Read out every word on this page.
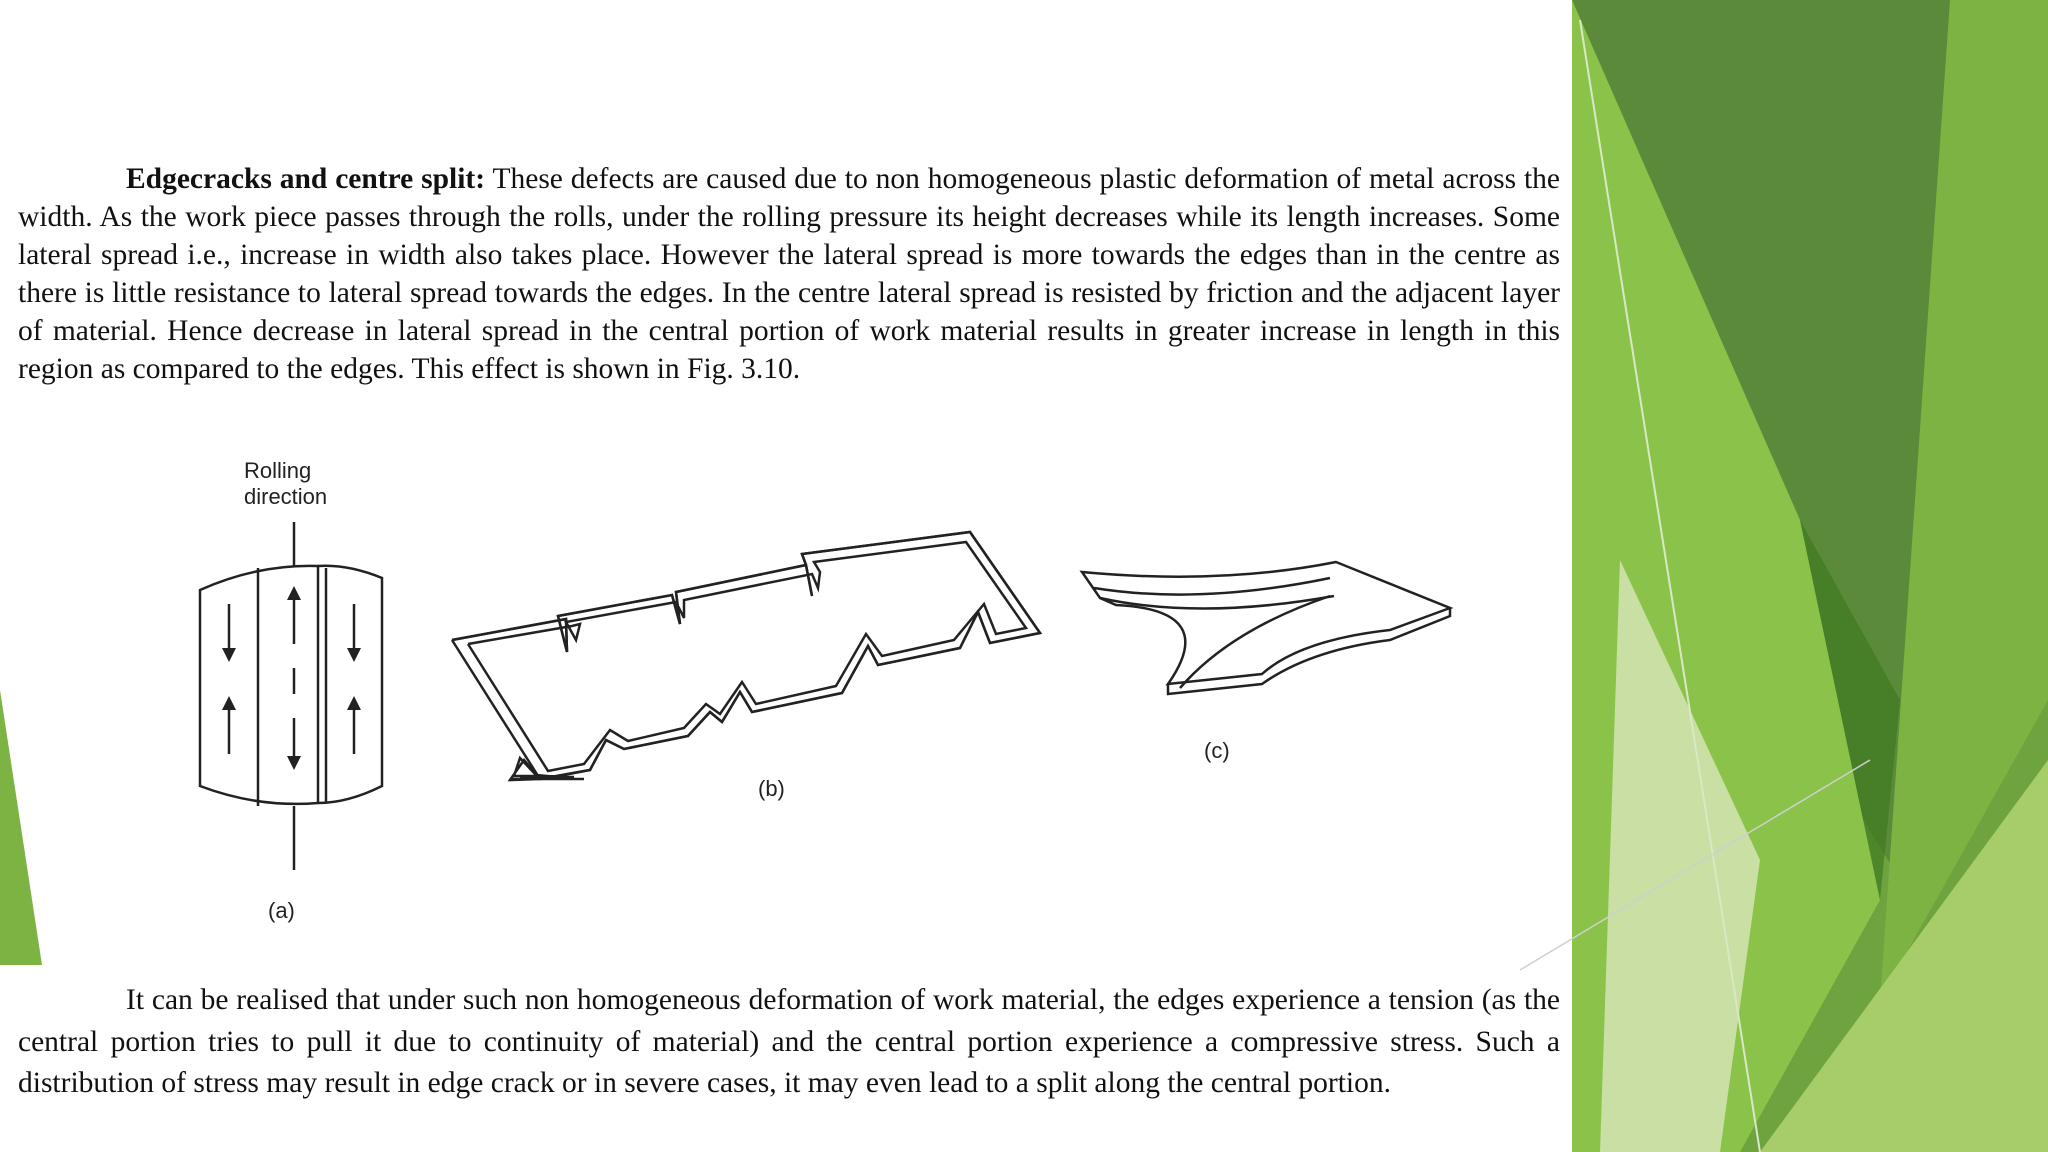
Edgecracks and centre split: These defects are caused due to non homogeneous plastic deformation of metal across the width. As the work piece passes through the rolls, under the rolling pressure its height decreases while its length increases. Some lateral spread i.e., increase in width also takes place. However the lateral spread is more towards the edges than in the centre as there is little resistance to lateral spread towards the edges. In the centre lateral spread is resisted by friction and the adjacent layer of material. Hence decrease in lateral spread in the central portion of work material results in greater increase in length in this region as compared to the edges. This effect is shown in Fig. 3.10.

Rolling
direction
(a)
(b)
(c)

It can be realised that under such non homogeneous deformation of work material, the edges experience a tension (as the central portion tries to pull it due to continuity of material) and the central portion experience a compressive stress. Such a distribution of stress may result in edge crack or in severe cases, it may even lead to a split along the central portion.
